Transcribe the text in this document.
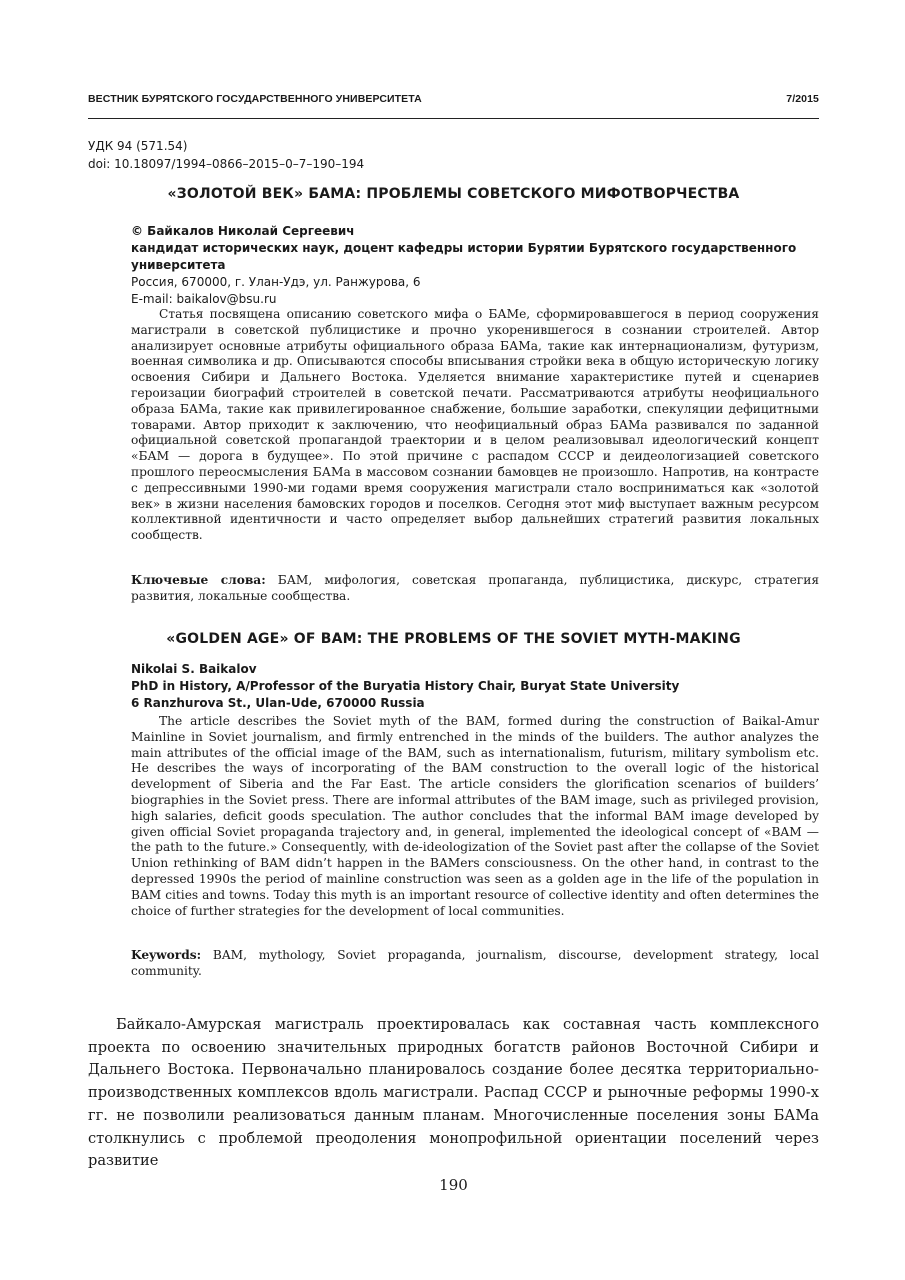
ВЕСТНИК БУРЯТСКОГО ГОСУДАРСТВЕННОГО УНИВЕРСИТЕТА	7/2015
УДК 94 (571.54)
doi: 10.18097/1994–0866–2015–0–7–190–194
«ЗОЛОТОЙ ВЕК» БАМА: ПРОБЛЕМЫ СОВЕТСКОГО МИФОТВОРЧЕСТВА
© Байкалов Николай Сергеевич
кандидат исторических наук, доцент кафедры истории Бурятии Бурятского государственного университета
Россия, 670000, г. Улан-Удэ, ул. Ранжурова, 6
E-mail: baikalov@bsu.ru

Статья посвящена описанию советского мифа о БАМе, сформировавшегося в период сооружения магистрали в советской публицистике и прочно укоренившегося в сознании строителей. Автор анализирует основные атрибуты официального образа БАМа, такие как интернационализм, футуризм, военная символика и др. Описываются способы вписывания стройки века в общую историческую логику освоения Сибири и Дальнего Востока. Уделяется внимание характеристике путей и сценариев героизации биографий строителей в советской печати. Рассматриваются атрибуты неофициального образа БАМа, такие как привилегированное снабжение, большие заработки, спекуляции дефицитными товарами. Автор приходит к заключению, что неофициальный образ БАМа развивался по заданной официальной советской пропагандой траектории и в целом реализовывал идеологический концепт «БАМ — дорога в будущее». По этой причине с распадом СССР и деидеологизацией советского прошлого переосмысления БАМа в массовом сознании бамовцев не произошло. Напротив, на контрасте с депрессивными 1990-ми годами время сооружения магистрали стало восприниматься как «золотой век» в жизни населения бамовских городов и поселков. Сегодня этот миф выступает важным ресурсом коллективной идентичности и часто определяет выбор дальнейших стратегий развития локальных сообществ.

Ключевые слова: БАМ, мифология, советская пропаганда, публицистика, дискурс, стратегия развития, локальные сообщества.

«GOLDEN AGE» OF BAM: THE PROBLEMS OF THE SOVIET MYTH-MAKING
Nikolai S. Baikalov
PhD in History, A/Professor of the Buryatia History Chair, Buryat State University
6 Ranzhurova St., Ulan-Ude, 670000 Russia

The article describes the Soviet myth of the BAM, formed during the construction of Baikal-Amur Mainline in Soviet journalism, and firmly entrenched in the minds of the builders. The author analyzes the main attributes of the official image of the BAM, such as internationalism, futurism, military symbolism etc. He describes the ways of incorporating of the BAM construction to the overall logic of the historical development of Siberia and the Far East. The article considers the glorification scenarios of builders’ biographies in the Soviet press. There are informal attributes of the BAM image, such as privileged provision, high salaries, deficit goods speculation. The author concludes that the informal BAM image developed by given official Soviet propaganda trajectory and, in general, implemented the ideological concept of «BAM — the path to the future.» Consequently, with de-ideologization of the Soviet past after the collapse of the Soviet Union rethinking of BAM didn’t happen in the BAMers consciousness. On the other hand, in contrast to the depressed 1990s the period of mainline construction was seen as a golden age in the life of the population in BAM cities and towns. Today this myth is an important resource of collective identity and often determines the choice of further strategies for the development of local communities.

Keywords: BAM, mythology, Soviet propaganda, journalism, discourse, development strategy, local community.

Байкало-Амурская магистраль проектировалась как составная часть комплексного проекта по освоению значительных природных богатств районов Восточной Сибири и Дальнего Востока. Первоначально планировалось создание более десятка территориально-производственных комплексов вдоль магистрали. Распад СССР и рыночные реформы 1990-х гг. не позволили реализоваться данным планам. Многочисленные поселения зоны БАМа столкнулись с проблемой преодоления монопрофильной ориентации поселений через развитие

190
